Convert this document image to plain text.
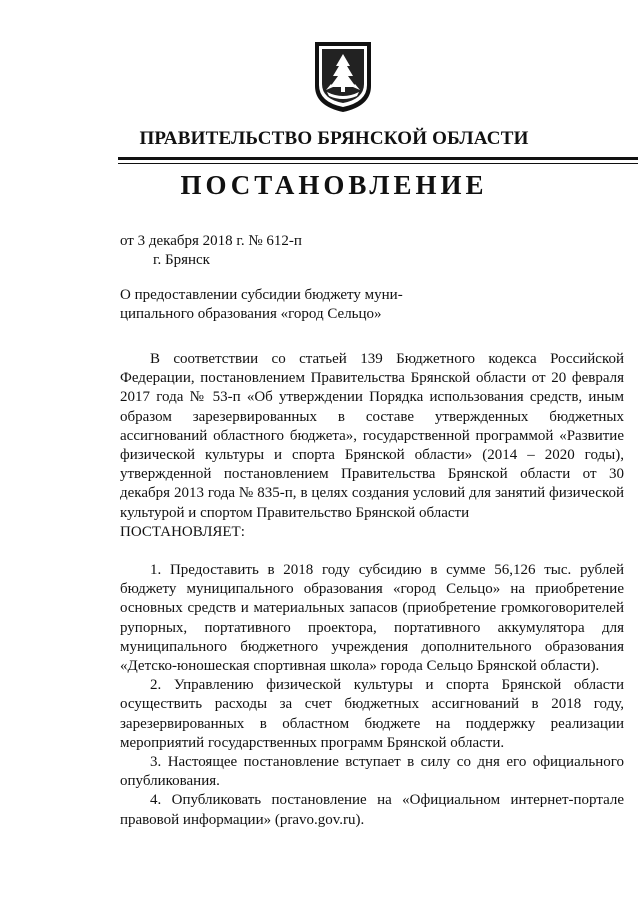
ПРАВИТЕЛЬСТВО БРЯНСКОЙ ОБЛАСТИ
ПОСТАНОВЛЕНИЕ
от 3 декабря 2018 г. № 612-п
г. Брянск
О предоставлении субсидии бюджету муни-
ципального образования «город Сельцо»

В соответствии со статьей 139 Бюджетного кодекса Российской Федерации, постановлением Правительства Брянской области от 20 февраля 2017 года № 53-п «Об утверждении Порядка использования средств, иным образом зарезервированных в составе утвержденных бюджетных ассигнований областного бюджета», государственной программой «Развитие физической культуры и спорта Брянской области» (2014 – 2020 годы), утвержденной постановлением Правительства Брянской области от 30 декабря 2013 года № 835-п, в целях создания условий для занятий физической культурой и спортом Правительство Брянской области

ПОСТАНОВЛЯЕТ:

1. Предоставить в 2018 году субсидию в сумме 56,126 тыс. рублей бюджету муниципального образования «город Сельцо» на приобретение основных средств и материальных запасов (приобретение громкоговорителей рупорных, портативного проектора, портативного аккумулятора для муниципального бюджетного учреждения дополнительного образования «Детско-юношеская спортивная школа» города Сельцо Брянской области).

2. Управлению физической культуры и спорта Брянской области осуществить расходы за счет бюджетных ассигнований в 2018 году, зарезервированных в областном бюджете на поддержку реализации мероприятий государственных программ Брянской области.

3. Настоящее постановление вступает в силу со дня его официального опубликования.

4. Опубликовать постановление на «Официальном интернет-портале правовой информации» (pravo.gov.ru).
